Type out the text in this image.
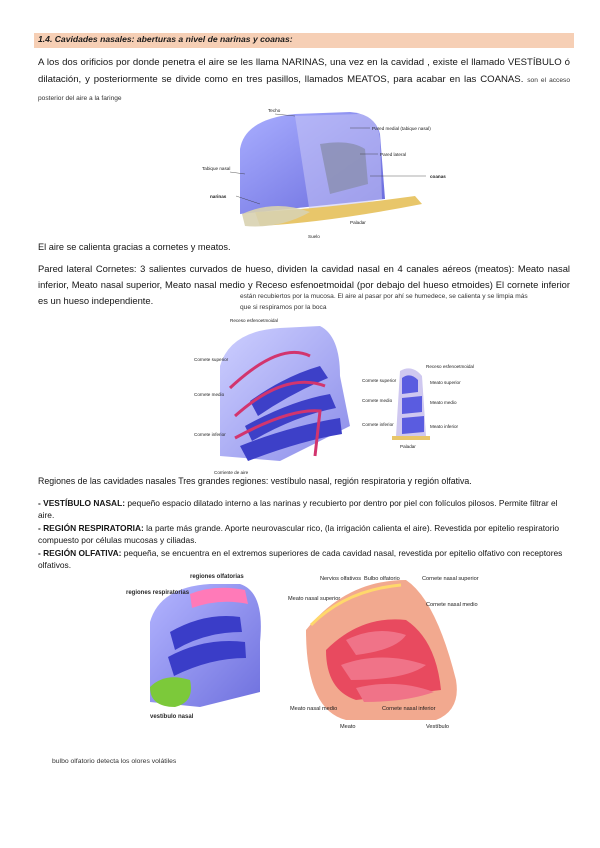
1.4. Cavidades nasales: aberturas a nivel de narinas y coanas:
A los dos orificios por donde penetra el aire se les llama NARINAS, una vez en la cavidad , existe el llamado VESTÍBULO ó dilatación, y posteriormente se divide como en tres pasillos, llamados MEATOS, para acabar en las COANAS. son el acceso posterior del aire a la faringe
Techo
Pared medial (tabique nasal)
Pared lateral
coanas
Tabique nasal
narinas
Paladar
Suelo
El aire se calienta gracias a cornetes y meatos.
Pared lateral Cornetes: 3 salientes curvados de hueso, dividen la cavidad nasal en 4 canales aéreos (meatos): Meato nasal inferior, Meato nasal superior, Meato nasal medio y Receso esfenoetmoidal (por debajo del hueso etmoides) El cornete inferior es un hueso independiente.	están recubiertos por la mucosa. El aire al pasar por ahí se humedece, se calienta y se limpia más
que si respiramos por la boca
Receso esfenoetmoidal
Cornete superior
Cornete medio
Cornete inferior
Corriente de aire
Receso esfenoetmoidal
Cornete superior	Meato superior
Cornete medio	Meato medio
Cornete inferior	Meato inferior
Paladar
Regiones de las cavidades nasales Tres grandes regiones: vestíbulo nasal, región respiratoria y región olfativa.
- VESTÍBULO NASAL: pequeño espacio dilatado interno a las narinas y recubierto por dentro por piel con folículos pilosos. Permite filtrar el aire.
- REGIÓN RESPIRATORIA: la parte más grande. Aporte neurovascular rico, (la irrigación calienta el aire). Revestida por epitelio respiratorio compuesto por células mucosas y ciliadas.
- REGIÓN OLFATIVA: pequeña, se encuentra en el extremos superiores de cada cavidad nasal, revestida por epitelio olfativo con receptores olfativos.
regiones olfatorias
regiones respiratorias
vestíbulo nasal
Nervios olfativos Bulbo olfatorio	Cornete nasal superior
Meato nasal superior
Cornete nasal medio
Meato nasal medio
Meato
Cornete nasal inferior
Vestíbulo
bulbo olfatorio detecta los olores volátiles
